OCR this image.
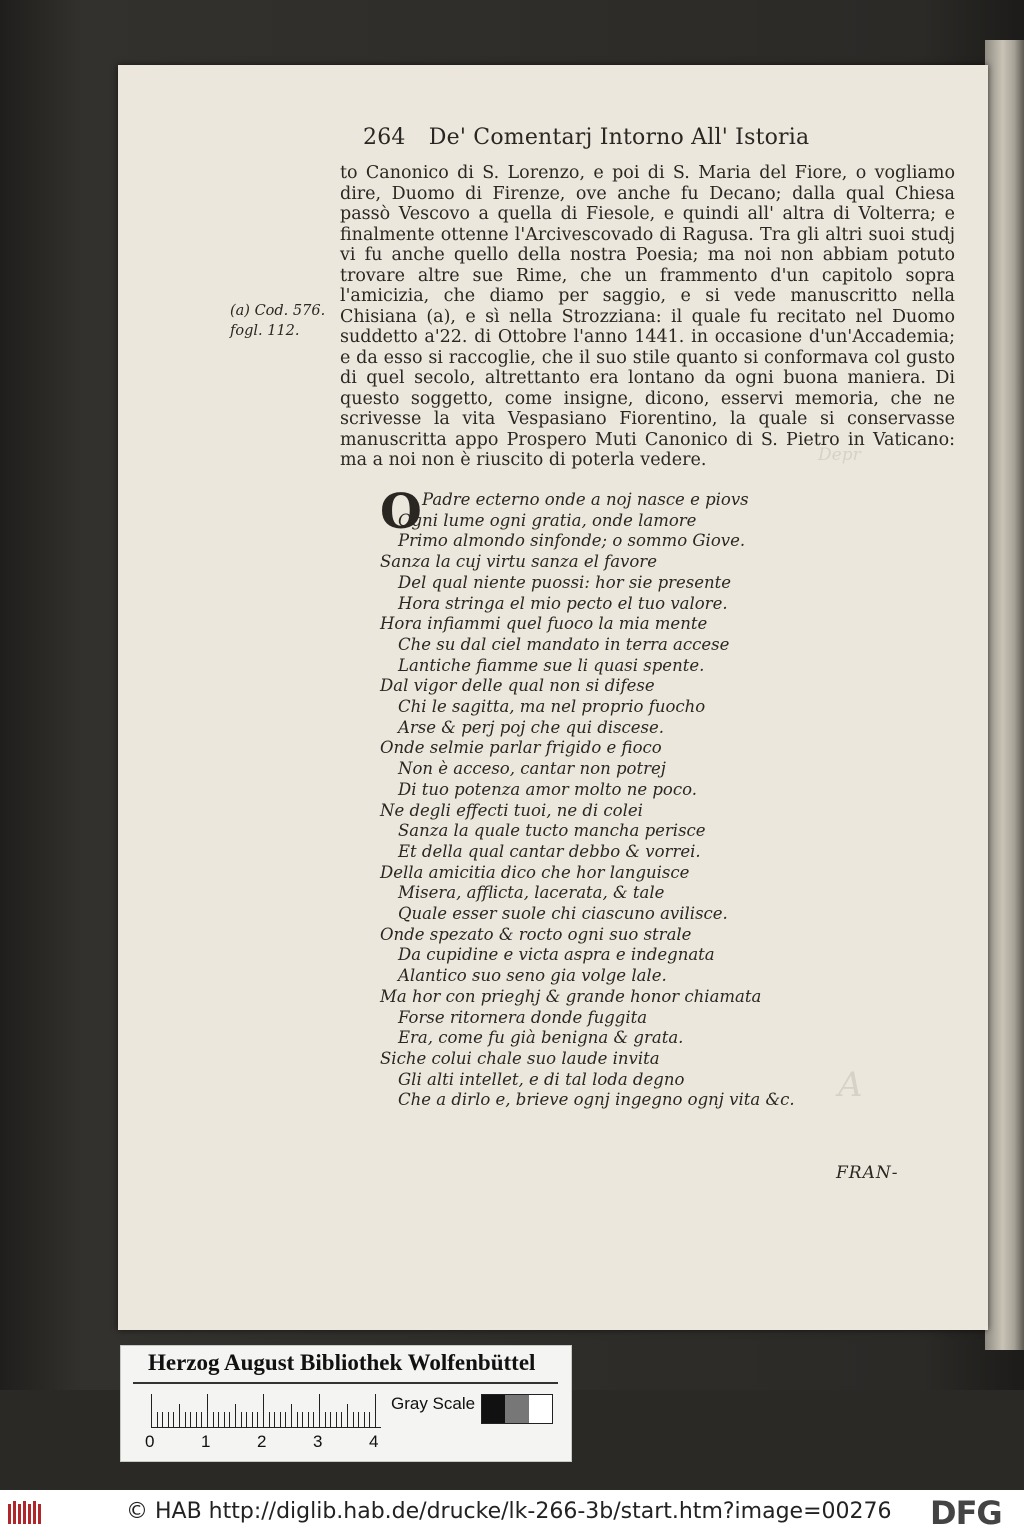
Depr
A
264 De' Comentarj Intorno All' Istoria
(a) Cod. 576.
fogl. 112.

to Canonico di S. Lorenzo, e poi di S. Maria del Fiore, o vogliamo dire, Duomo di Firenze, ove anche fu Decano; dalla qual Chiesa passò Vescovo a quella di Fiesole, e quindi all' altra di Volterra; e finalmente ottenne l'Arcivescovado di Ragusa. Tra gli altri suoi studj vi fu anche quello della nostra Poesia; ma noi non abbiam potuto trovare altre sue Rime, che un frammento d'un capitolo sopra l'amicizia, che diamo per saggio, e si vede manuscritto nella Chisiana (a), e sì nella Strozziana: il quale fu recitato nel Duomo suddetto a'22. di Ottobre l'anno 1441. in occasione d'un'Accademia; e da esso si raccoglie, che il suo stile quanto si conformava col gusto di quel secolo, altrettanto era lontano da ogni buona maniera. Di questo soggetto, come insigne, dicono, esservi memoria, che ne scrivesse la vita Vespasiano Fiorentino, la quale si conservasse manuscritta appo Prospero Muti Canonico di S. Pietro in Vaticano: ma a noi non è riuscito di poterla vedere.

O Padre ecterno onde a noj nasce e piovs
Ogni lume ogni gratia, onde lamore
Primo almondo sinfonde; o sommo Giove.
Sanza la cuj virtu sanza el favore
Del qual niente puossi: hor sie presente
Hora stringa el mio pecto el tuo valore.
Hora infiammi quel fuoco la mia mente
Che su dal ciel mandato in terra accese
Lantiche fiamme sue li quasi spente.
Dal vigor delle qual non si difese
Chi le sagitta, ma nel proprio fuocho
Arse & perj poj che qui discese.
Onde selmie parlar frigido e fioco
Non è acceso, cantar non potrej
Di tuo potenza amor molto ne poco.
Ne degli effecti tuoi, ne di colei
Sanza la quale tucto mancha perisce
Et della qual cantar debbo & vorrei.
Della amicitia dico che hor languisce
Misera, afflicta, lacerata, & tale
Quale esser suole chi ciascuno avilisce.
Onde spezato & rocto ogni suo strale
Da cupidine e victa aspra e indegnata
Alantico suo seno gia volge lale.
Ma hor con prieghj & grande honor chiamata
Forse ritornera donde fuggita
Era, come fu già benigna & grata.
Siche colui chale suo laude invita
Gli alti intellet, e di tal loda degno
Che a dirlo e, brieve ognj ingegno ognj vita &c.
FRAN-
Herzog August Bibliothek Wolfenbüttel
0	1	2	3	4
Gray Scale
© HAB http://diglib.hab.de/drucke/lk-266-3b/start.htm?image=00276 DFG
